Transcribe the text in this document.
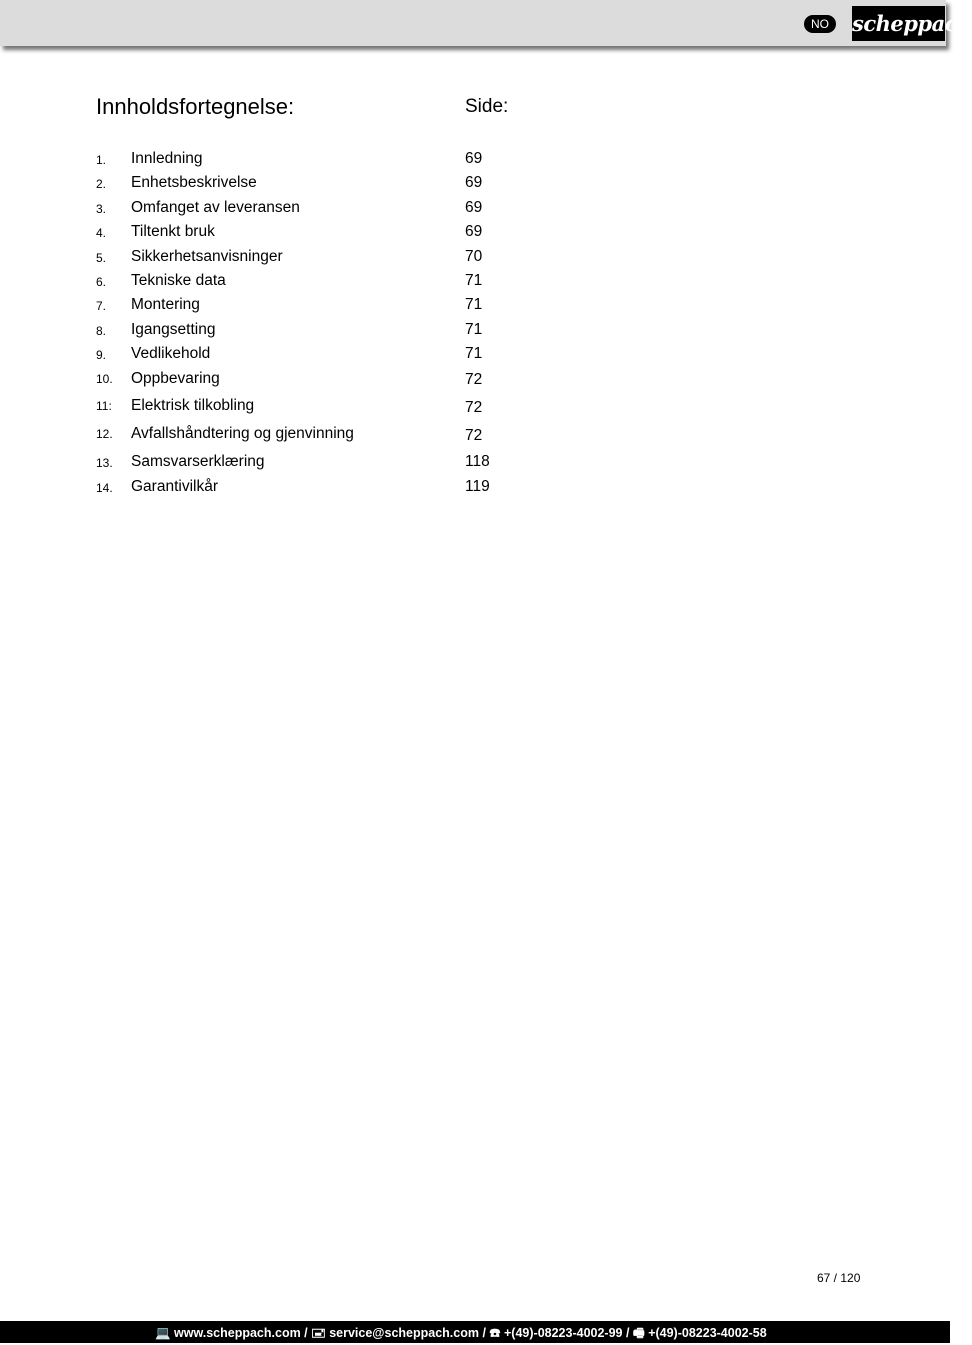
NO	scheppach
Innholdsfortegnelse:	Side:
1. Innledning	69
2. Enhetsbeskrivelse	69
3. Omfanget av leveransen	69
4. Tiltenkt bruk	69
5. Sikkerhetsanvisninger	70
6. Tekniske data	71
7. Montering	71
8. Igangsetting	71
9. Vedlikehold	71
10. Oppbevaring	72
11: Elektrisk tilkobling	72
12. Avfallshåndtering og gjenvinning	72
13. Samsvarserklæring	118
14. Garantivilkår	119
67 / 120
💻 www.scheppach.com / 🖃 service@scheppach.com / ☎ +(49)-08223-4002-99 / 🖷 +(49)-08223-4002-58
